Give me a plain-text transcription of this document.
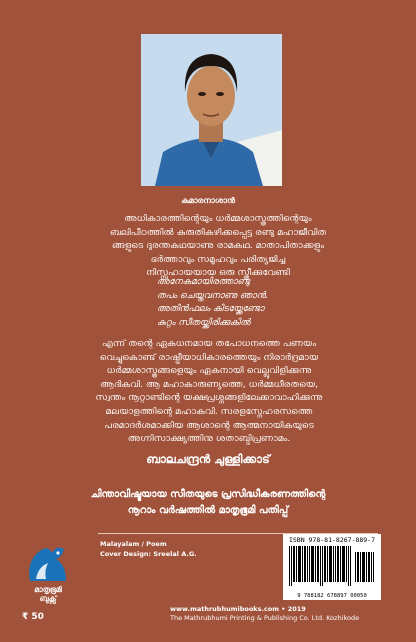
കുമാരനാശാൻ

അധികാരത്തിന്റെയും ധർമ്മശാസ്ത്രത്തിന്റെയും
ബലിപീഠത്തിൽ കുരുതികഴിക്കപ്പെട്ട രണ്ടു മഹാജീവിത
ങ്ങളുടെ ദുരന്തകഥയാണു രാമകഥ. മാതാപിതാക്കളും
ഭർത്താവും സമൂഹവും പരിത്യജിച്ച
നിസ്സഹായയായ ഒരു സ്ത്രീക്കുവേണ്ടി

അനേകമായിരത്താണ്ടു
തപം ചെയ്തവനാണു ഞാൻ.
അതിൻഫലം കിടയ്ക്കേണ്ടോ
കുറ്റം സീതയ്ക്കിരിക്കുകിൽ

എന്ന് തന്റെ ഏകധനമായ തപോധനത്തെ പണയം
വെച്ചുകൊണ്ട് രാഷ്ട്രീയാധികാരത്തെയും നിരാർദ്രമായ
ധർമ്മശാസ്ത്രങ്ങളെയും ഏകനായി വെല്ലുവിളിക്കുന്നു
ആദികവി. ആ മഹാകാരുണ്യത്തെ, ധർമ്മധീരതയെ,
സ്വന്തം നൂറ്റാണ്ടിന്റെ യക്ഷപ്രശ്നങ്ങളിലേക്കാവാഹിക്കുന്നു
മലയാളത്തിന്റെ മഹാകവി. സരളസ്നേഹരസത്തെ
പരമാദർശമാക്കിയ ആശാന്റെ ആത്മനായികയുടെ
അഗ്നിസാക്ഷ്യത്തിനു ശതാബ്ദിപ്രണാമം.

ബാലചന്ദ്രൻ ചുള്ളിക്കാട്
ചിന്താവിഷ്ടയായ സീതയുടെ പ്രസിദ്ധീകരണത്തിന്റെ
നൂറാം വർഷത്തിൽ മാതൃഭൂമി പതിപ്പ്
മാതൃഭൂമി
ബുക്സ്
₹ 50
Malayalam / Poem
Cover Design: Sreelal A.G.
ISBN 978-81-8267-889-7
9 788182 678897 00050
www.mathrubhumibooks.com • 2019
The Mathrubhumi Printing & Publishing Co. Ltd. Kozhikode
